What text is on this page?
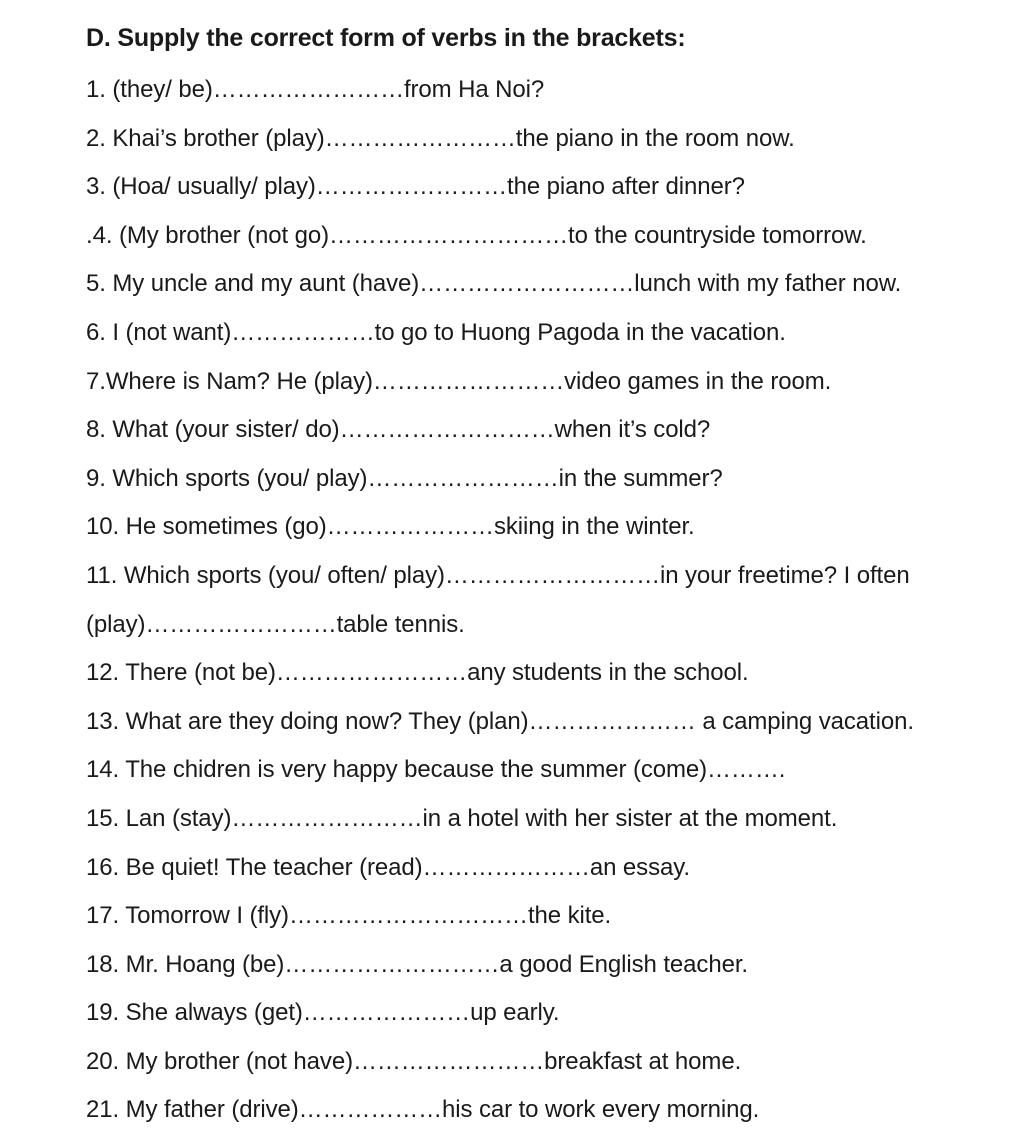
D. Supply the correct form of verbs in the brackets:
1. (they/ be)……………………from Ha Noi?
2. Khai’s brother (play)……………………the piano in the room now.
3. (Hoa/ usually/ play)……………………the piano after dinner?
.4. (My brother (not go)…………………………to the countryside tomorrow.
5. My uncle and my aunt (have)………………………lunch with my father now.
6. I (not want)………………to go to Huong Pagoda in the vacation.
7.Where is Nam? He (play)……………………video games in the room.
8. What (your sister/ do)………………………when it’s cold?
9. Which sports (you/ play)……………………in the summer?
10. He sometimes (go)…………………skiing in the winter.
11. Which sports (you/ often/ play)………………………in your freetime? I often
(play)……………………table tennis.
12. There (not be)……………………any students in the school.
13. What are they doing now? They (plan)………………… a camping vacation.
14. The chidren is very happy because the summer (come)……….
15. Lan (stay)……………………in a hotel with her sister at the moment.
16. Be quiet! The teacher (read)…………………an essay.
17. Tomorrow I (fly)…………………………the kite.
18. Mr. Hoang (be)………………………a good English teacher.
19. She always (get)…………………up early.
20. My brother (not have)……………………breakfast at home.
21. My father (drive)………………his car to work every morning.
